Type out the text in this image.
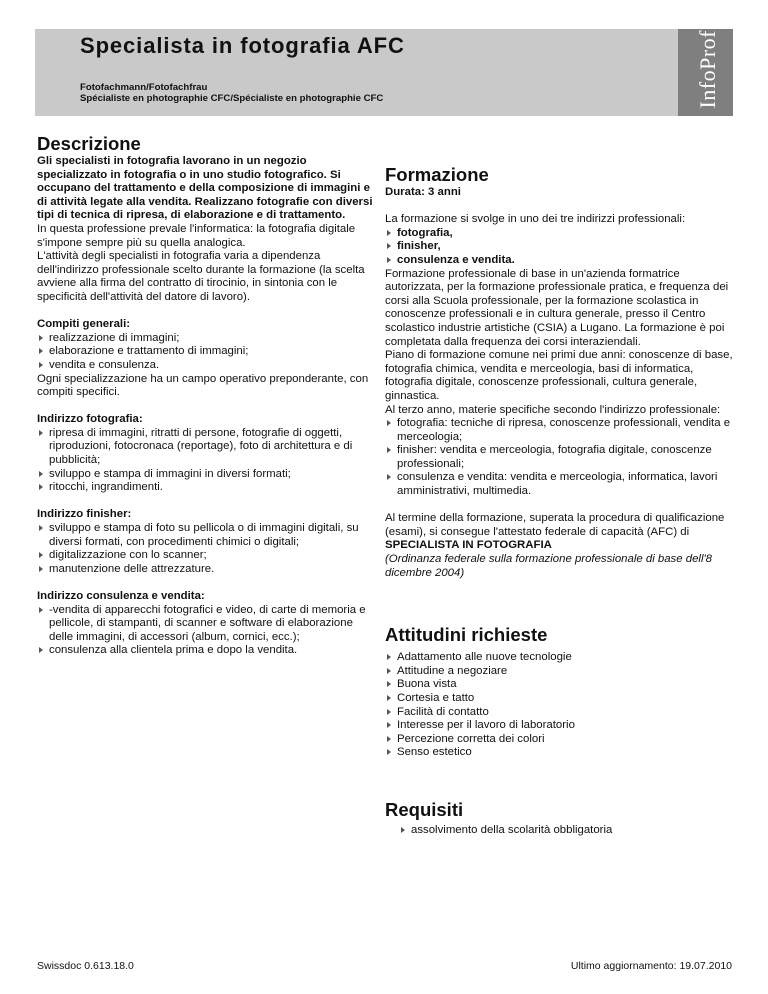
Specialista in fotografia AFC
Fotofachmann/Fotofachfrau
Spécialiste en photographie CFC/Spécialiste en photographie CFC	InfoProf
Descrizione

Gli specialisti in fotografia lavorano in un negozio specializzato in fotografia o in uno studio fotografico. Si occupano del trattamento e della composizione di immagini e di attività legate alla vendita. Realizzano fotografie con diversi tipi di tecnica di ripresa, di elaborazione e di trattamento.

In questa professione prevale l'informatica: la fotografia digitale s'impone sempre più su quella analogica.

L'attività degli specialisti in fotografia varia a dipendenza dell'indirizzo professionale scelto durante la formazione (la scelta avviene alla firma del contratto di tirocinio, in sintonia con le specificità dell'attività del datore di lavoro).

Compiti generali:

realizzazione di immagini;
elaborazione e trattamento di immagini;
vendita e consulenza.

Ogni specializzazione ha un campo operativo preponderante, con compiti specifici.

Indirizzo fotografia:

ripresa di immagini, ritratti di persone, fotografie di oggetti, riproduzioni, fotocronaca (reportage), foto di architettura e di pubblicità;
sviluppo e stampa di immagini in diversi formati;
ritocchi, ingrandimenti.

Indirizzo finisher:

sviluppo e stampa di foto su pellicola o di immagini digitali, su diversi formati, con procedimenti chimici o digitali;
digitalizzazione con lo scanner;
manutenzione delle attrezzature.

Indirizzo consulenza e vendita:

-vendita di apparecchi fotografici e video, di carte di memoria e pellicole, di stampanti, di scanner e software di elaborazione delle immagini, di accessori (album, cornici, ecc.);
consulenza alla clientela prima e dopo la vendita.
Formazione

Durata: 3 anni

La formazione si svolge in uno dei tre indirizzi professionali:

fotografia,
finisher,
consulenza e vendita.

Formazione professionale di base in un'azienda formatrice autorizzata, per la formazione professionale pratica, e frequenza dei corsi alla Scuola professionale, per la formazione scolastica in conoscenze professionali e in cultura generale, presso il Centro scolastico industrie artistiche (CSIA) a Lugano. La formazione è poi completata dalla frequenza dei corsi interaziendali.

Piano di formazione comune nei primi due anni: conoscenze di base, fotografia chimica, vendita e merceologia, basi di informatica, fotografia digitale, conoscenze professionali, cultura generale, ginnastica.

Al terzo anno, materie specifiche secondo l'indirizzo professionale:

fotografia: tecniche di ripresa, conoscenze professionali, vendita e merceologia;
finisher: vendita e merceologia, fotografia digitale, conoscenze professionali;
consulenza e vendita: vendita e merceologia, informatica, lavori amministrativi, multimedia.

Al termine della formazione, superata la procedura di qualificazione (esami), si consegue l'attestato federale di capacità (AFC) di

SPECIALISTA IN FOTOGRAFIA

(Ordinanza federale sulla formazione professionale di base dell'8 dicembre 2004)

Attitudini richieste
Adattamento alle nuove tecnologie
Attitudine a negoziare
Buona vista
Cortesia e tatto
Facilità di contatto
Interesse per il lavoro di laboratorio
Percezione corretta dei colori
Senso estetico
Requisiti
assolvimento della scolarità obbligatoria
Swissdoc 0.613.18.0	Ultimo aggiornamento: 19.07.2010
